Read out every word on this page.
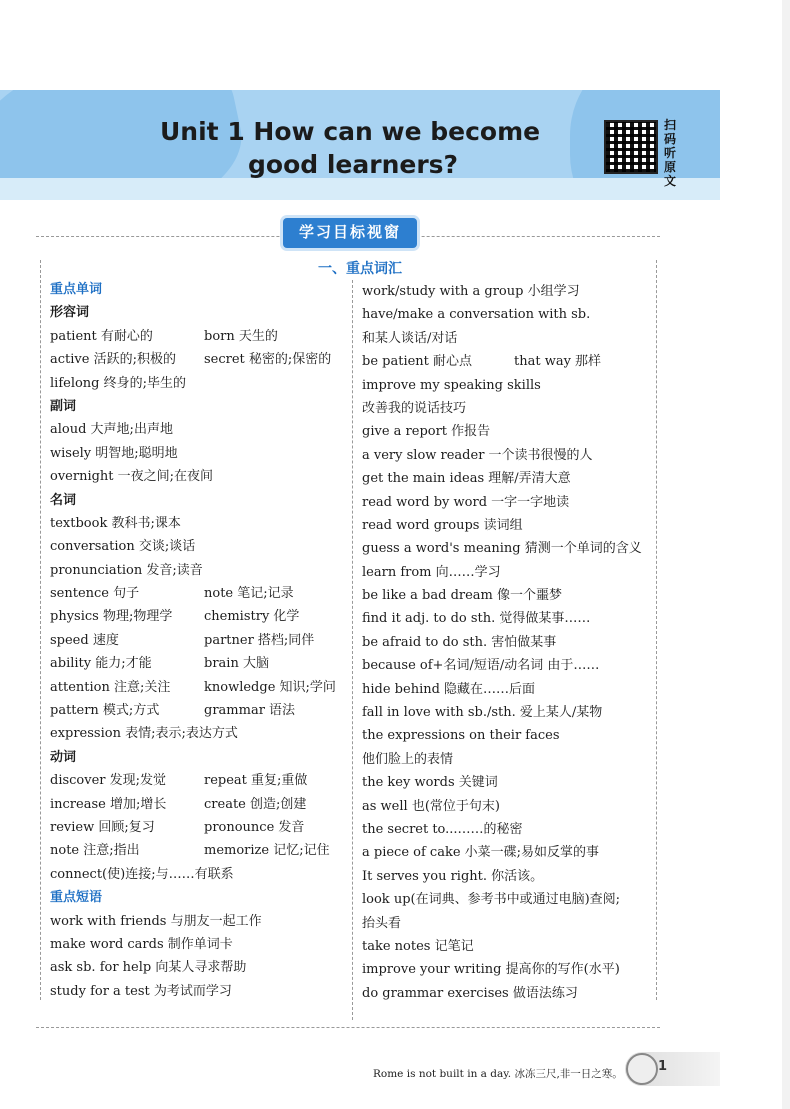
Unit 1 How can we become
good learners?
扫码听原文
学习目标视窗
一、重点词汇
重点单词
形容词
patient 有耐心的	born 天生的
active 活跃的;积极的 secret 秘密的;保密的
lifelong 终身的;毕生的
副词
aloud 大声地;出声地
wisely 明智地;聪明地
overnight 一夜之间;在夜间
名词
textbook 教科书;课本
conversation 交谈;谈话
pronunciation 发音;读音
sentence 句子	note 笔记;记录
physics 物理;物理学 chemistry 化学
speed 速度	partner 搭档;同伴
ability 能力;才能	brain 大脑
attention 注意;关注	knowledge 知识;学问
pattern 模式;方式	grammar 语法
expression 表情;表示;表达方式
动词
discover 发现;发觉	repeat 重复;重做
increase 增加;增长	create 创造;创建
review 回顾;复习	pronounce 发音
note 注意;指出	memorize 记忆;记住
connect(使)连接;与……有联系
重点短语
work with friends 与朋友一起工作
make word cards 制作单词卡
ask sb. for help 向某人寻求帮助
study for a test 为考试而学习
work/study with a group 小组学习
have/make a conversation with sb.
和某人谈话/对话
be patient 耐心点	that way 那样
improve my speaking skills
改善我的说话技巧
give a report 作报告
a very slow reader 一个读书很慢的人
get the main ideas 理解/弄清大意
read word by word 一字一字地读
read word groups 读词组
guess a word's meaning 猜测一个单词的含义
learn from 向……学习
be like a bad dream 像一个噩梦
find it adj. to do sth. 觉得做某事……
be afraid to do sth. 害怕做某事
because of+名词/短语/动名词 由于……
hide behind 隐藏在……后面
fall in love with sb./sth. 爱上某人/某物
the expressions on their faces
他们脸上的表情
the key words 关键词
as well 也(常位于句末)
the secret to...……的秘密
a piece of cake 小菜一碟;易如反掌的事
It serves you right. 你活该。
look up(在词典、参考书中或通过电脑)查阅;
抬头看
take notes 记笔记
improve your writing 提高你的写作(水平)
do grammar exercises 做语法练习
1
Rome is not built in a day. 冰冻三尺,非一日之寒。
